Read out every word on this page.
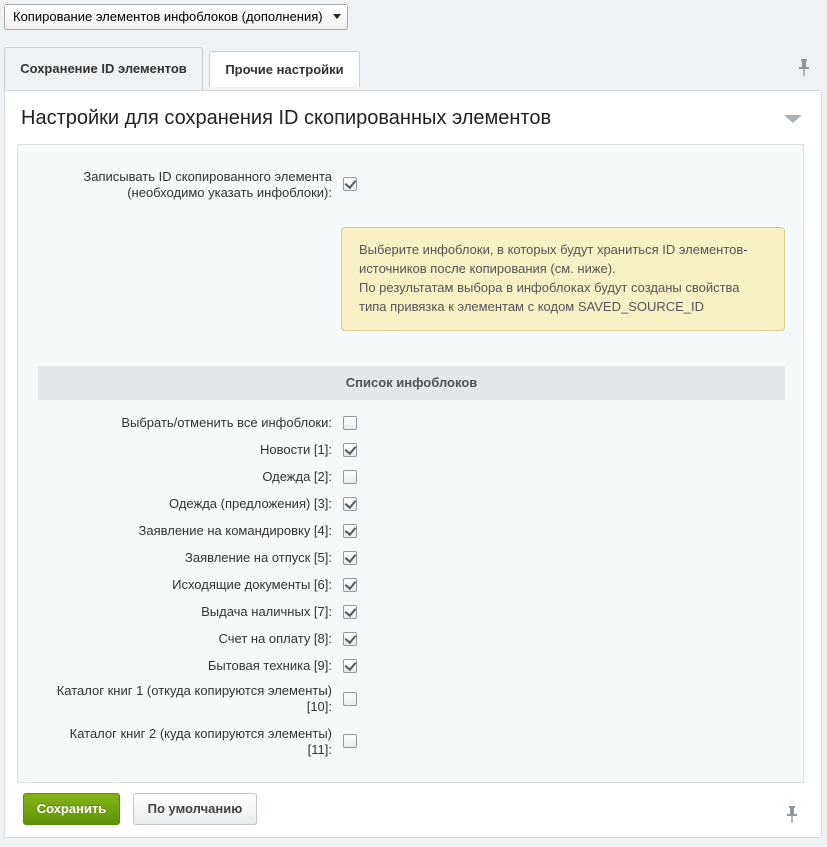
Копирование элементов инфоблоков (дополнения)
Сохранение ID элементов	Прочие настройки
Настройки для сохранения ID скопированных элементов
Записывать ID скопированного элемента
(необходимо указать инфоблоки):
Выберите инфоблоки, в которых будут храниться ID элементов-
источников после копирования (см. ниже).
По результатам выбора в инфоблоках будут созданы свойства
типа привязка к элементам с кодом SAVED_SOURCE_ID
Список инфоблоков
Выбрать/отменить все инфоблоки:
Новости [1]:
Одежда [2]:
Одежда (предложения) [3]:
Заявление на командировку [4]:
Заявление на отпуск [5]:
Исходящие документы [6]:
Выдача наличных [7]:
Счет на оплату [8]:
Бытовая техника [9]:
Каталог книг 1 (откуда копируются элементы)
[10]:
Каталог книг 2 (куда копируются элементы)
[11]:
Сохранить	По умолчанию
